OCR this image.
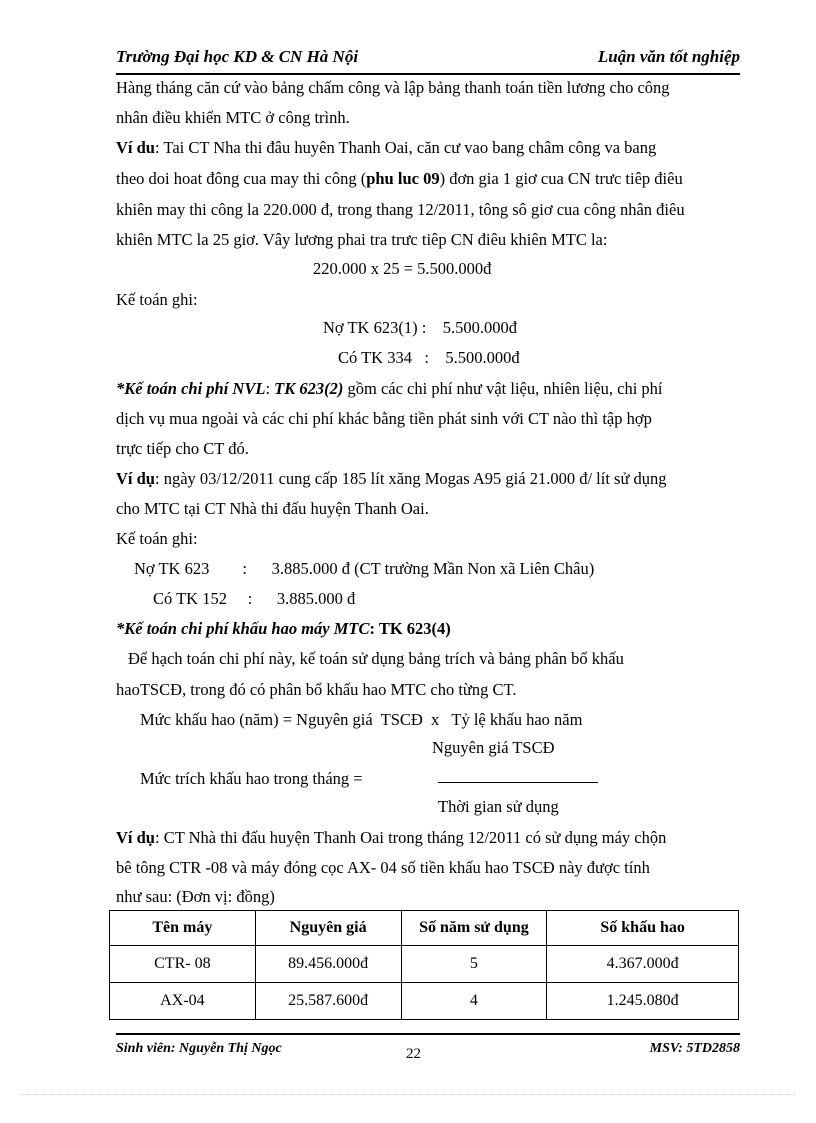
Trường Đại học KD & CN Hà Nội	Luận văn tốt nghiệp
Hàng tháng căn cứ vào bảng chấm công và lập bảng thanh toán tiền lương cho công
nhân điều khiển MTC ở công trình.
Ví du: Tai CT Nha thi đâu huyên Thanh Oai, căn cư vao bang châm công va bang
theo doi hoat đông cua may thi công (phu luc 09) đơn gia 1 giơ cua CN trưc tiêp điêu
khiên may thi công la 220.000 đ, trong thang 12/2011, tông sô giơ cua công nhân điêu
khiên MTC la 25 giơ. Vây lương phai tra trưc tiêp CN điêu khiên MTC la:
220.000 x 25 = 5.500.000đ
Kế toán ghi:
Nợ TK 623(1) :    5.500.000đ
Có TK 334   :    5.500.000đ
*Kế toán chi phí NVL: TK 623(2) gồm các chi phí như vật liệu, nhiên liệu, chi phí
dịch vụ mua ngoài và các chi phí khác bằng tiền phát sinh với CT nào thì tập hợp
trực tiếp cho CT đó.
Ví dụ: ngày 03/12/2011 cung cấp 185 lít xăng Mogas A95 giá 21.000 đ/ lít sử dụng
cho MTC tại CT Nhà thi đấu huyện Thanh Oai.
Kế toán ghi:
Nợ TK 623        :      3.885.000 đ (CT trường Mần Non xã Liên Châu)
Có TK 152     :      3.885.000 đ
*Kế toán chi phí khấu hao máy MTC: TK 623(4)
Để hạch toán chi phí này, kế toán sử dụng bảng trích và bảng phân bổ khấu
haoTSCĐ, trong đó có phân bổ khấu hao MTC cho từng CT.
Mức khấu hao (năm) = Nguyên giá  TSCĐ  x   Tỷ lệ khấu hao năm
Nguyên giá TSCĐ
Mức trích khấu hao trong tháng =
Thời gian sử dụng
Ví dụ: CT Nhà thi đấu huyện Thanh Oai trong tháng 12/2011 có sử dụng máy chộn
bê tông CTR -08 và máy đóng cọc AX- 04 số tiền khấu hao TSCĐ này được tính
như sau: (Đơn vị: đồng)
Tên máy	Nguyên giá	Số năm sử dụng	Số khấu hao
CTR- 08	89.456.000đ	5	4.367.000đ
AX-04	25.587.600đ	4	1.245.080đ
Sinh viên: Nguyễn Thị Ngọc	22	MSV: 5TD2858
